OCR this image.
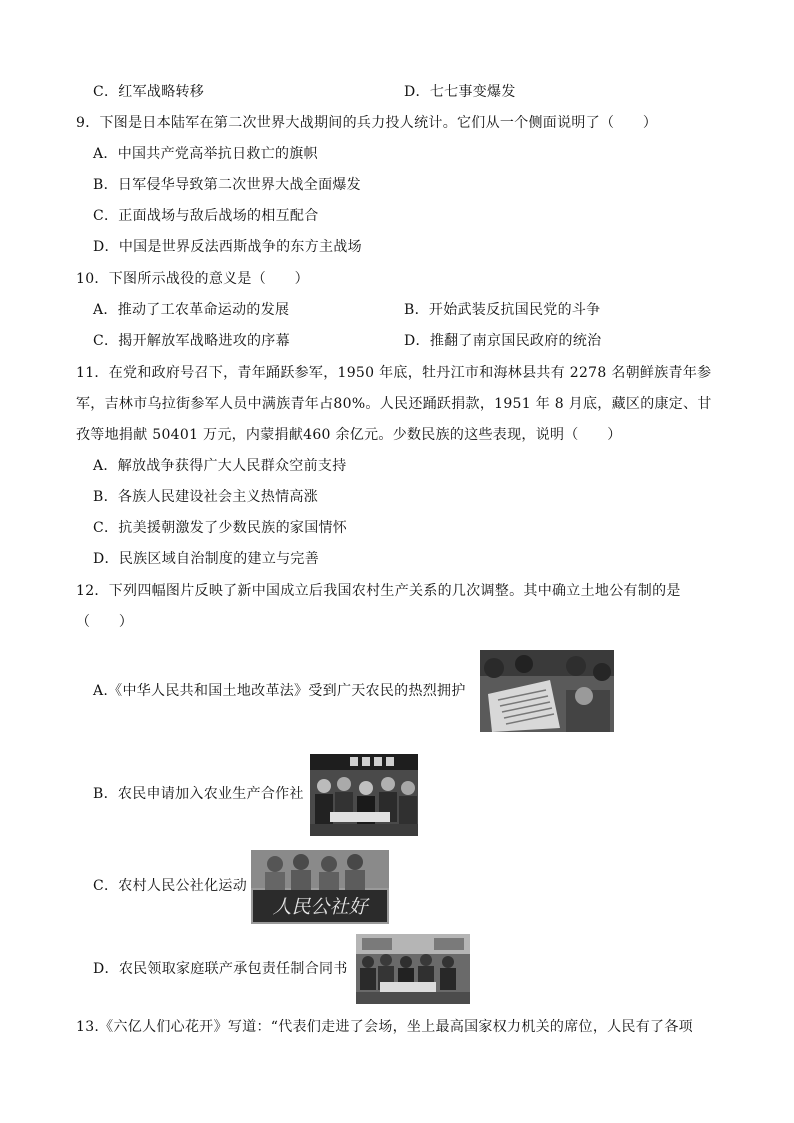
C．红军战略转移	D．七七事变爆发
9．下图是日本陆军在第二次世界大战期间的兵力投人统计。它们从一个侧面说明了（　　）
A．中国共产党高举抗日救亡的旗帜
B．日军侵华导致第二次世界大战全面爆发
C．正面战场与敌后战场的相互配合
D．中国是世界反法西斯战争的东方主战场
10．下图所示战役的意义是（　　）
A．推动了工农革命运动的发展	B．开始武装反抗国民党的斗争
C．揭开解放军战略进攻的序幕	D．推翻了南京国民政府的统治
11．在党和政府号召下，青年踊跃参军，1950 年底，牡丹江市和海林县共有 2278 名朝鲜族青年参
军，吉林市乌拉街参军人员中满族青年占80%。人民还踊跃捐款，1951 年 8 月底，藏区的康定、甘
孜等地捐献 50401 万元，内蒙捐献460 余亿元。少数民族的这些表现，说明（　　）
A．解放战争获得广大人民群众空前支持
B．各族人民建设社会主义热情高涨
C．抗美援朝激发了少数民族的家国情怀
D．民族区域自治制度的建立与完善
12．下列四幅图片反映了新中国成立后我国农村生产关系的几次调整。其中确立土地公有制的是
（　　）
A.《中华人民共和国土地改革法》受到广天农民的热烈拥护
B．农民申请加入农业生产合作社
人民公社好
C．农村人民公社化运动
D．农民领取家庭联产承包责任制合同书
13.《六亿人们心花开》写道：“代表们走进了会场，坐上最高国家权力机关的席位，人民有了各项
